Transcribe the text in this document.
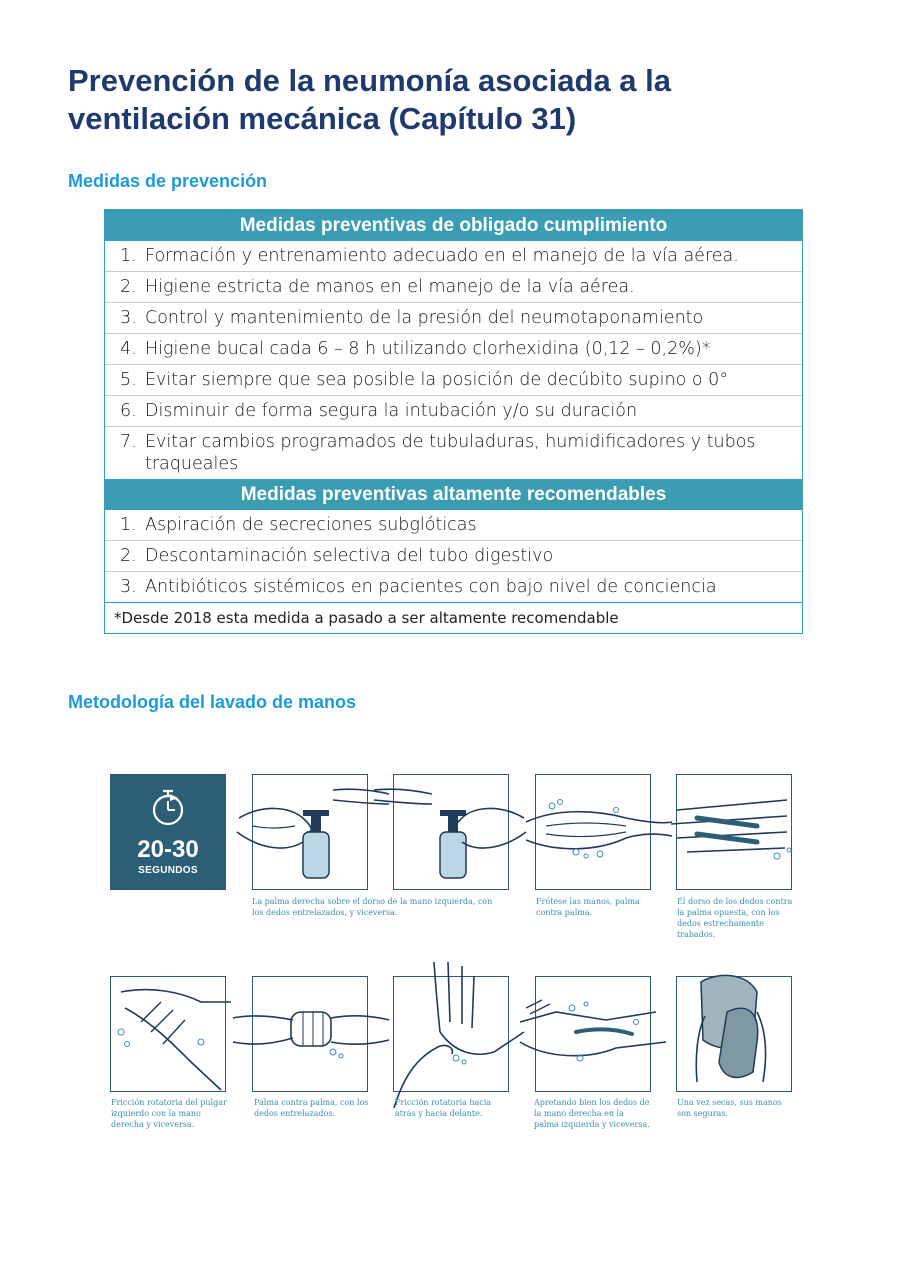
Prevención de la neumonía asociada a la
ventilación mecánica (Capítulo 31)
Medidas de prevención
Medidas preventivas de obligado cumplimiento
1. Formación y entrenamiento adecuado en el manejo de la vía aérea.
2. Higiene estricta de manos en el manejo de la vía aérea.
3. Control y mantenimiento de la presión del neumotaponamiento
4. Higiene bucal cada 6 – 8 h utilizando clorhexidina (0,12 – 0,2%)*
5. Evitar siempre que sea posible la posición de decúbito supino o 0°
6. Disminuir de forma segura la intubación y/o su duración
7. Evitar cambios programados de tubuladuras, humidificadores y tubos traqueales
Medidas preventivas altamente recomendables
1. Aspiración de secreciones subglóticas
2. Descontaminación selectiva del tubo digestivo
3. Antibióticos sistémicos en pacientes con bajo nivel de conciencia
*Desde 2018 esta medida a pasado a ser altamente recomendable
Metodología del lavado de manos
20-30
SEGUNDOS
La palma derecha sobre el dorso de la mano izquierda, con los dedos entrelazados, y viceversa.
Frótese las manos, palma contra palma.
El dorso de los dedos contra la palma opuesta, con los dedos estrechamente trabados.
Fricción rotatoria del pulgar izquierdo con la mano derecha y viceversa.
Palma contra palma, con los dedos entrelazados.
Fricción rotatoria hacia atrás y hacia delante.
Apretando bien los dedos de la mano derecha en la palma izquierda y viceversa.
Una vez secas, sus manos son seguras.
